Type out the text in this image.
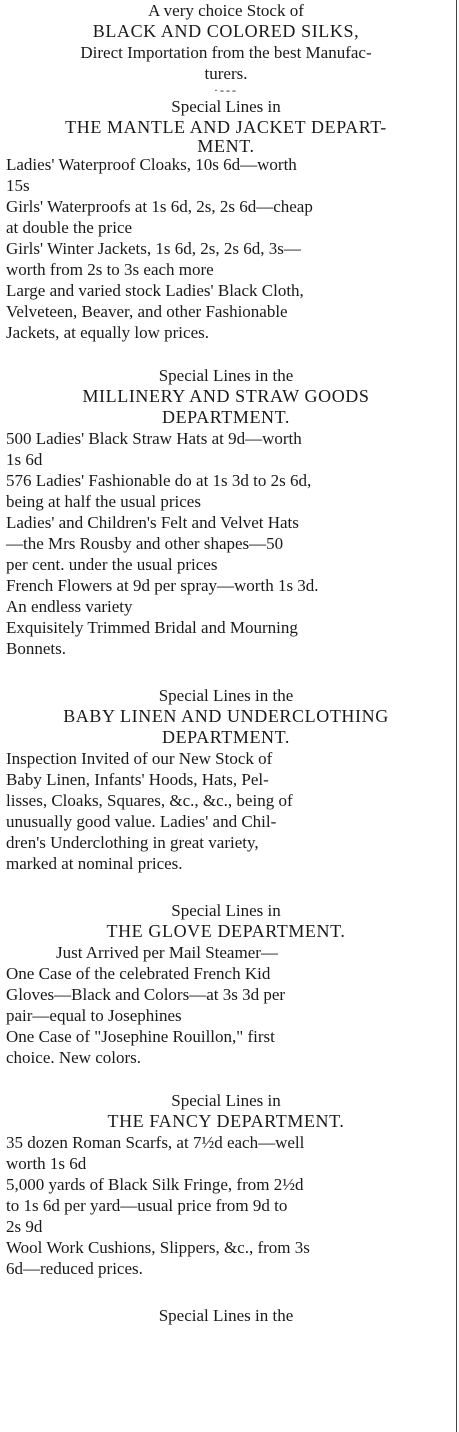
A very choice Stock of
BLACK AND COLORED SILKS,
Direct Importation from the best Manufac-
turers.
·---
Special Lines in
THE MANTLE AND JACKET DEPART-
MENT.
Ladies' Waterproof Cloaks, 10s 6d—worth
15s
Girls' Waterproofs at 1s 6d, 2s, 2s 6d—cheap
at double the price
Girls' Winter Jackets, 1s 6d, 2s, 2s 6d, 3s—
worth from 2s to 3s each more
Large and varied stock Ladies' Black Cloth,
Velveteen, Beaver, and other Fashionable
Jackets, at equally low prices.
Special Lines in the
MILLINERY AND STRAW GOODS
DEPARTMENT.
500 Ladies' Black Straw Hats at 9d—worth
1s 6d
576 Ladies' Fashionable do at 1s 3d to 2s 6d,
being at half the usual prices
Ladies' and Children's Felt and Velvet Hats
—the Mrs Rousby and other shapes—50
per cent. under the usual prices
French Flowers at 9d per spray—worth 1s 3d.
An endless variety
Exquisitely Trimmed Bridal and Mourning
Bonnets.
Special Lines in the
BABY LINEN AND UNDERCLOTHING
DEPARTMENT.
Inspection Invited of our New Stock of
Baby Linen, Infants' Hoods, Hats, Pel-
lisses, Cloaks, Squares, &c., &c., being of
unusually good value. Ladies' and Chil-
dren's Underclothing in great variety,
marked at nominal prices.
Special Lines in
THE GLOVE DEPARTMENT.
Just Arrived per Mail Steamer—
One Case of the celebrated French Kid
Gloves—Black and Colors—at 3s 3d per
pair—equal to Josephines
One Case of "Josephine Rouillon," first
choice. New colors.
Special Lines in
THE FANCY DEPARTMENT.
35 dozen Roman Scarfs, at 7½d each—well
worth 1s 6d
5,000 yards of Black Silk Fringe, from 2½d
to 1s 6d per yard—usual price from 9d to
2s 9d
Wool Work Cushions, Slippers, &c., from 3s
6d—reduced prices.
Special Lines in the
